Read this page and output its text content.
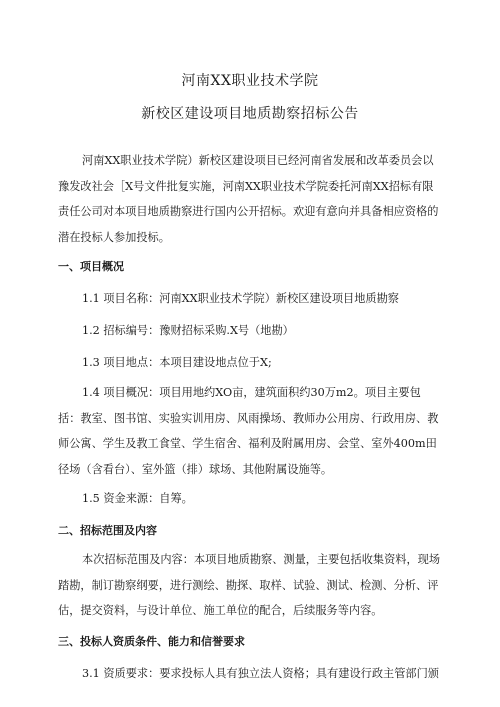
河南XX职业技术学院
新校区建设项目地质勘察招标公告
河南XX职业技术学院）新校区建设项目已经河南省发展和改革委员会以豫发改社会［X号文件批复实施，河南XX职业技术学院委托河南XX招标有限责任公司对本项目地质勘察进行国内公开招标。欢迎有意向并具备相应资格的潜在投标人参加投标。
一、项目概况
1.1 项目名称：河南XX职业技术学院）新校区建设项目地质勘察
1.2 招标编号：豫财招标采购.X号（地勘）
1.3 项目地点：本项目建设地点位于X;
1.4 项目概况：项目用地约XO亩，建筑面积约30万m2。项目主要包括：教室、图书馆、实验实训用房、风雨操场、教师办公用房、行政用房、教师公寓、学生及教工食堂、学生宿舍、福利及附属用房、会堂、室外400m田径场（含看台）、室外篮（排）球场、其他附属设施等。
1.5 资金来源：自筹。
二、招标范围及内容
本次招标范围及内容：本项目地质勘察、测量，主要包括收集资料，现场踏勘，制订勘察纲要，进行测绘、勘探、取样、试验、测试、检测、分析、评估，提交资料，与设计单位、施工单位的配合，后续服务等内容。
三、投标人资质条件、能力和信誉要求
3.1 资质要求：要求投标人具有独立法人资格；具有建设行政主管部门颁
